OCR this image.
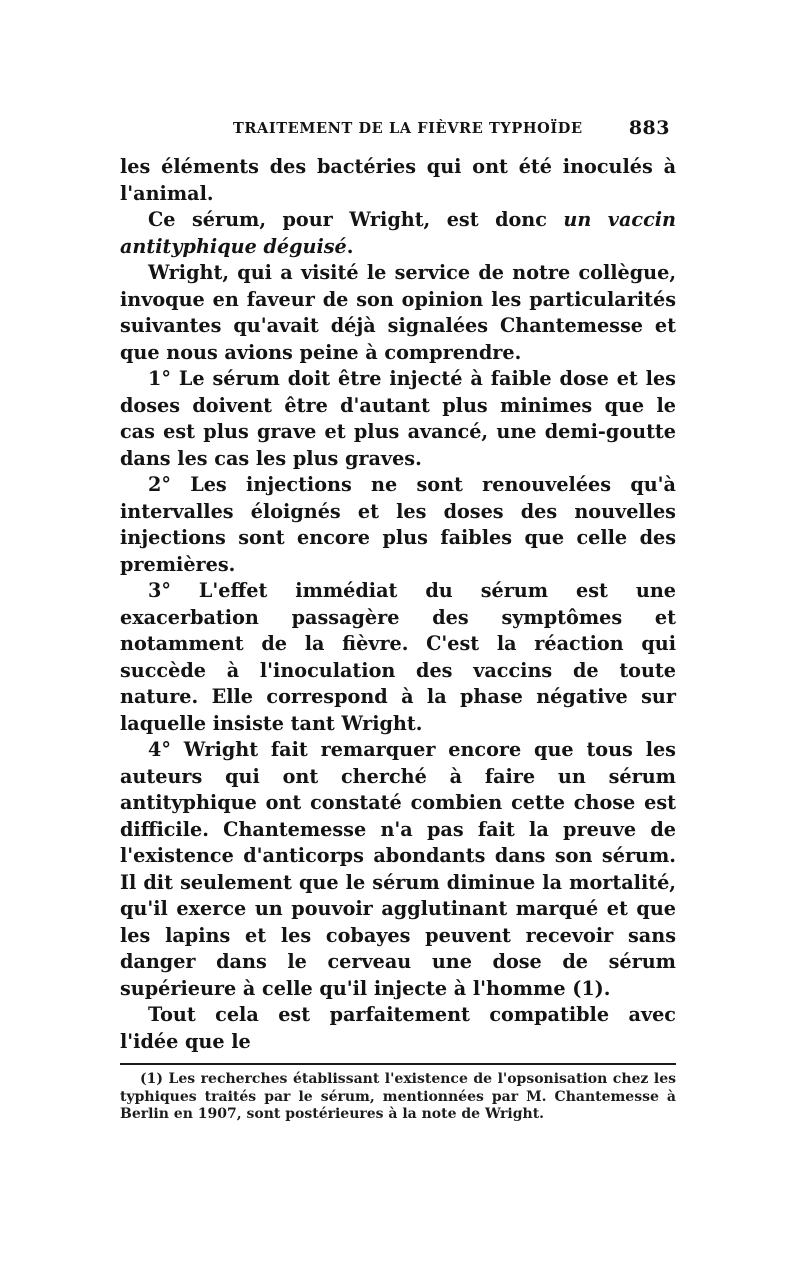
TRAITEMENT DE LA FIÈVRE TYPHOÏDE 883

les éléments des bactéries qui ont été inoculés à l'animal.

Ce sérum, pour Wright, est donc un vaccin antityphique déguisé.

Wright, qui a visité le service de notre collègue, invoque en faveur de son opinion les particularités suivantes qu'avait déjà signalées Chantemesse et que nous avions peine à comprendre.

1° Le sérum doit être injecté à faible dose et les doses doivent être d'autant plus minimes que le cas est plus grave et plus avancé, une demi-goutte dans les cas les plus graves.

2° Les injections ne sont renouvelées qu'à intervalles éloignés et les doses des nouvelles injections sont encore plus faibles que celle des premières.

3° L'effet immédiat du sérum est une exacerbation passagère des symptômes et notamment de la fièvre. C'est la réaction qui succède à l'inoculation des vaccins de toute nature. Elle correspond à la phase négative sur laquelle insiste tant Wright.

4° Wright fait remarquer encore que tous les auteurs qui ont cherché à faire un sérum antityphique ont constaté combien cette chose est difficile. Chantemesse n'a pas fait la preuve de l'existence d'anticorps abondants dans son sérum. Il dit seulement que le sérum diminue la mortalité, qu'il exerce un pouvoir agglutinant marqué et que les lapins et les cobayes peuvent recevoir sans danger dans le cerveau une dose de sérum supérieure à celle qu'il injecte à l'homme (1).

Tout cela est parfaitement compatible avec l'idée que le

(1) Les recherches établissant l'existence de l'opsonisation chez les typhiques traités par le sérum, mentionnées par M. Chantemesse à Berlin en 1907, sont postérieures à la note de Wright.
